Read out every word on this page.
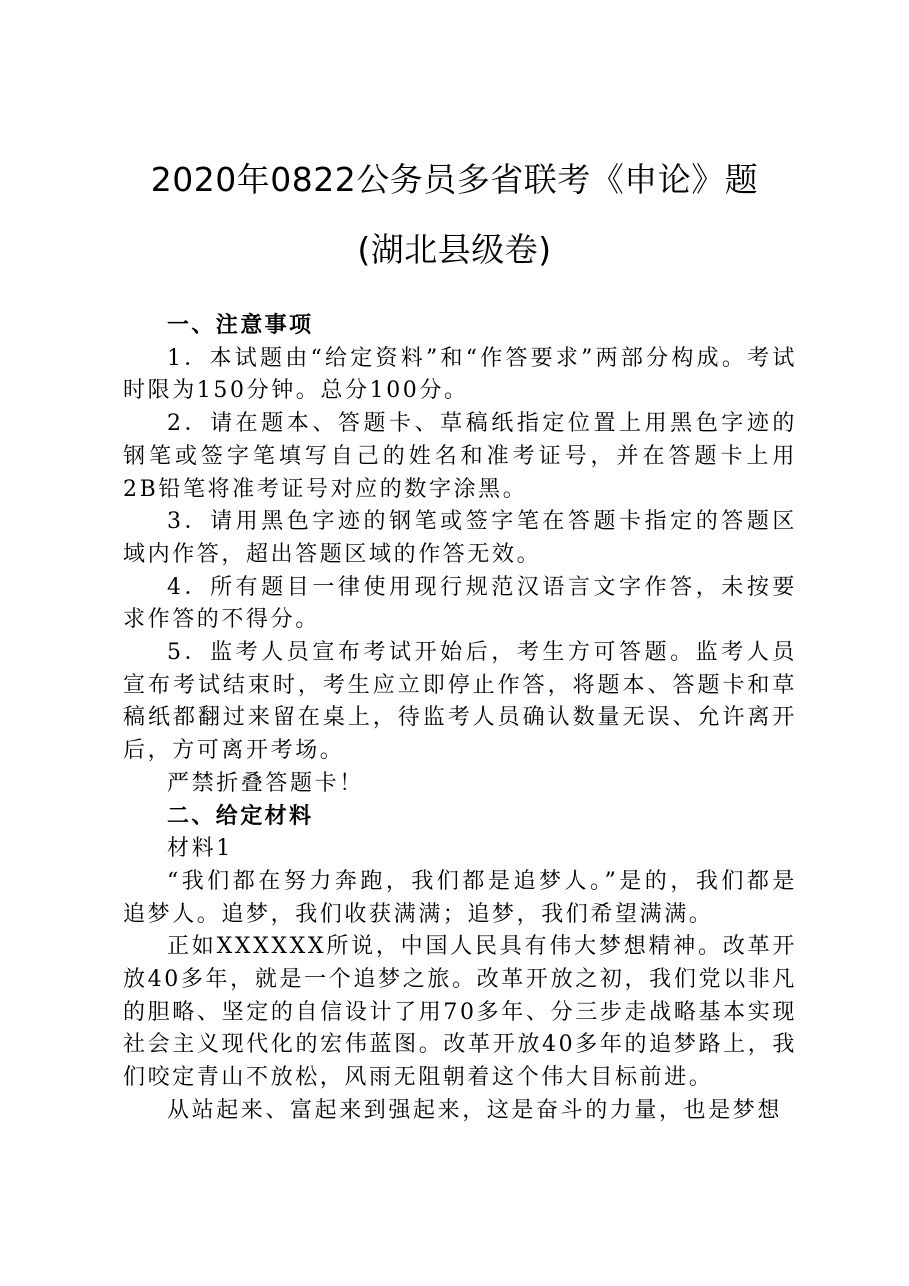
2020年0822公务员多省联考《申论》题
(湖北县级卷)

一、注意事项

1．本试题由“给定资料”和“作答要求”两部分构成。考试时限为150分钟。总分100分。

2．请在题本、答题卡、草稿纸指定位置上用黑色字迹的钢笔或签字笔填写自己的姓名和准考证号，并在答题卡上用2B铅笔将准考证号对应的数字涂黑。

3．请用黑色字迹的钢笔或签字笔在答题卡指定的答题区域内作答，超出答题区域的作答无效。

4．所有题目一律使用现行规范汉语言文字作答，未按要求作答的不得分。

5．监考人员宣布考试开始后，考生方可答题。监考人员宣布考试结束时，考生应立即停止作答，将题本、答题卡和草稿纸都翻过来留在桌上，待监考人员确认数量无误、允许离开后，方可离开考场。

严禁折叠答题卡！

二、给定材料

材料1

“我们都在努力奔跑，我们都是追梦人。”是的，我们都是追梦人。追梦，我们收获满满；追梦，我们希望满满。

正如XXXXXX所说，中国人民具有伟大梦想精神。改革开放40多年，就是一个追梦之旅。改革开放之初，我们党以非凡的胆略、坚定的自信设计了用70多年、分三步走战略基本实现社会主义现代化的宏伟蓝图。改革开放40多年的追梦路上，我们咬定青山不放松，风雨无阻朝着这个伟大目标前进。

从站起来、富起来到强起来，这是奋斗的力量，也是梦想
